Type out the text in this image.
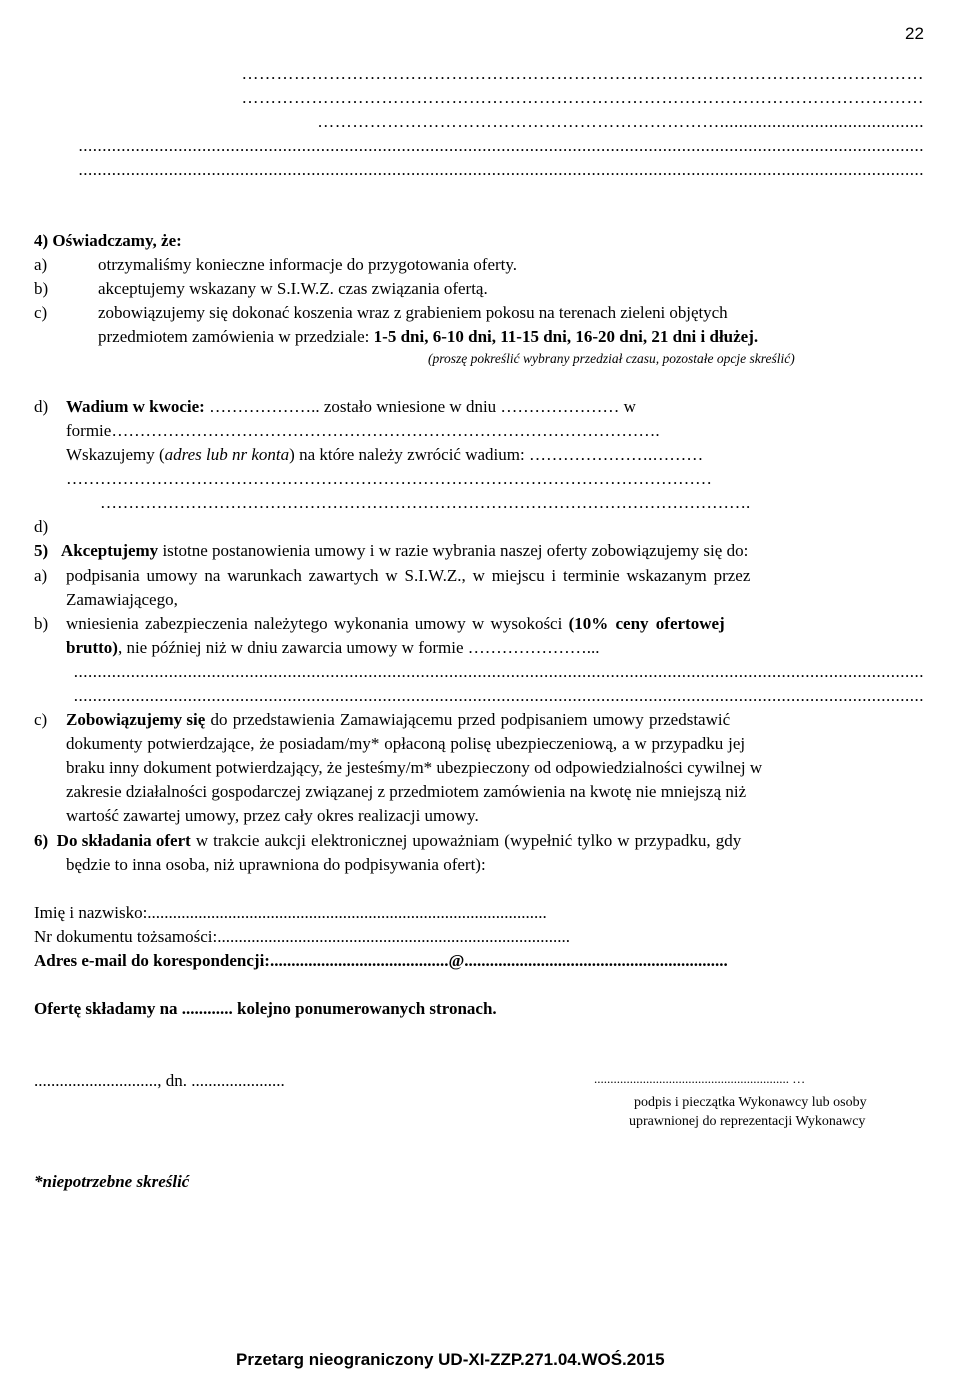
22
………………………………………………………………………………………………………
………………………………………………………………………………………………………
……………………………………………………………...........................................
..................................................................................................................................................................................
..................................................................................................................................................................................
4) Oświadczamy, że:
a)	otrzymaliśmy konieczne informacje do przygotowania oferty.
b)	akceptujemy wskazany w S.I.W.Z. czas związania ofertą.
c)	zobowiązujemy się dokonać koszenia wraz z grabieniem pokosu na terenach zieleni objętych
przedmiotem zamówienia w przedziale: 1-5 dni, 6-10 dni, 11-15 dni, 16-20 dni, 21 dni i dłużej.
(proszę pokreślić wybrany przedział czasu, pozostałe opcje skreślić)
d) Wadium w kwocie: ……………….. zostało wniesione w dniu ………………… w
formie…………………………………………………………………………………….
Wskazujemy (adres lub nr konta) na które należy zwrócić wadium: ………………….………
……………………………………………………………………………………………………
…………………………………………………………………………………………………….
d)
5) Akceptujemy istotne postanowienia umowy i w razie wybrania naszej oferty zobowiązujemy się do:
a) podpisania umowy na warunkach zawartych w S.I.W.Z., w miejscu i terminie wskazanym przez
Zamawiającego,
b) wniesienia zabezpieczenia należytego wykonania umowy w wysokości (10% ceny ofertowej
brutto), nie później niż w dniu zawarcia umowy w formie …………………...
...................................................................................................................................................................................
...................................................................................................................................................................................
c) Zobowiązujemy się do przedstawienia Zamawiającemu przed podpisaniem umowy przedstawić
dokumenty potwierdzające, że posiadam/my* opłaconą polisę ubezpieczeniową, a w przypadku jej
braku inny dokument potwierdzający, że jesteśmy/m* ubezpieczony od odpowiedzialności cywilnej w
zakresie działalności gospodarczej związanej z przedmiotem zamówienia na kwotę nie mniejszą niż
wartość zawartej umowy, przez cały okres realizacji umowy.
6) Do składania ofert w trakcie aukcji elektronicznej upoważniam (wypełnić tylko w przypadku, gdy
będzie to inna osoba, niż uprawniona do podpisywania ofert):
Imię i nazwisko:..............................................................................................
Nr dokumentu tożsamości:...................................................................................
Adres e-mail do korespondencji:..........................................@..............................................................
Ofertę składamy na ............ kolejno ponumerowanych stronach.
............................., dn. ......................	............................................................ …
podpis i pieczątka Wykonawcy lub osoby
uprawnionej do reprezentacji Wykonawcy
*niepotrzebne skreślić
Przetarg nieograniczony UD-XI-ZZP.271.04.WOŚ.2015
